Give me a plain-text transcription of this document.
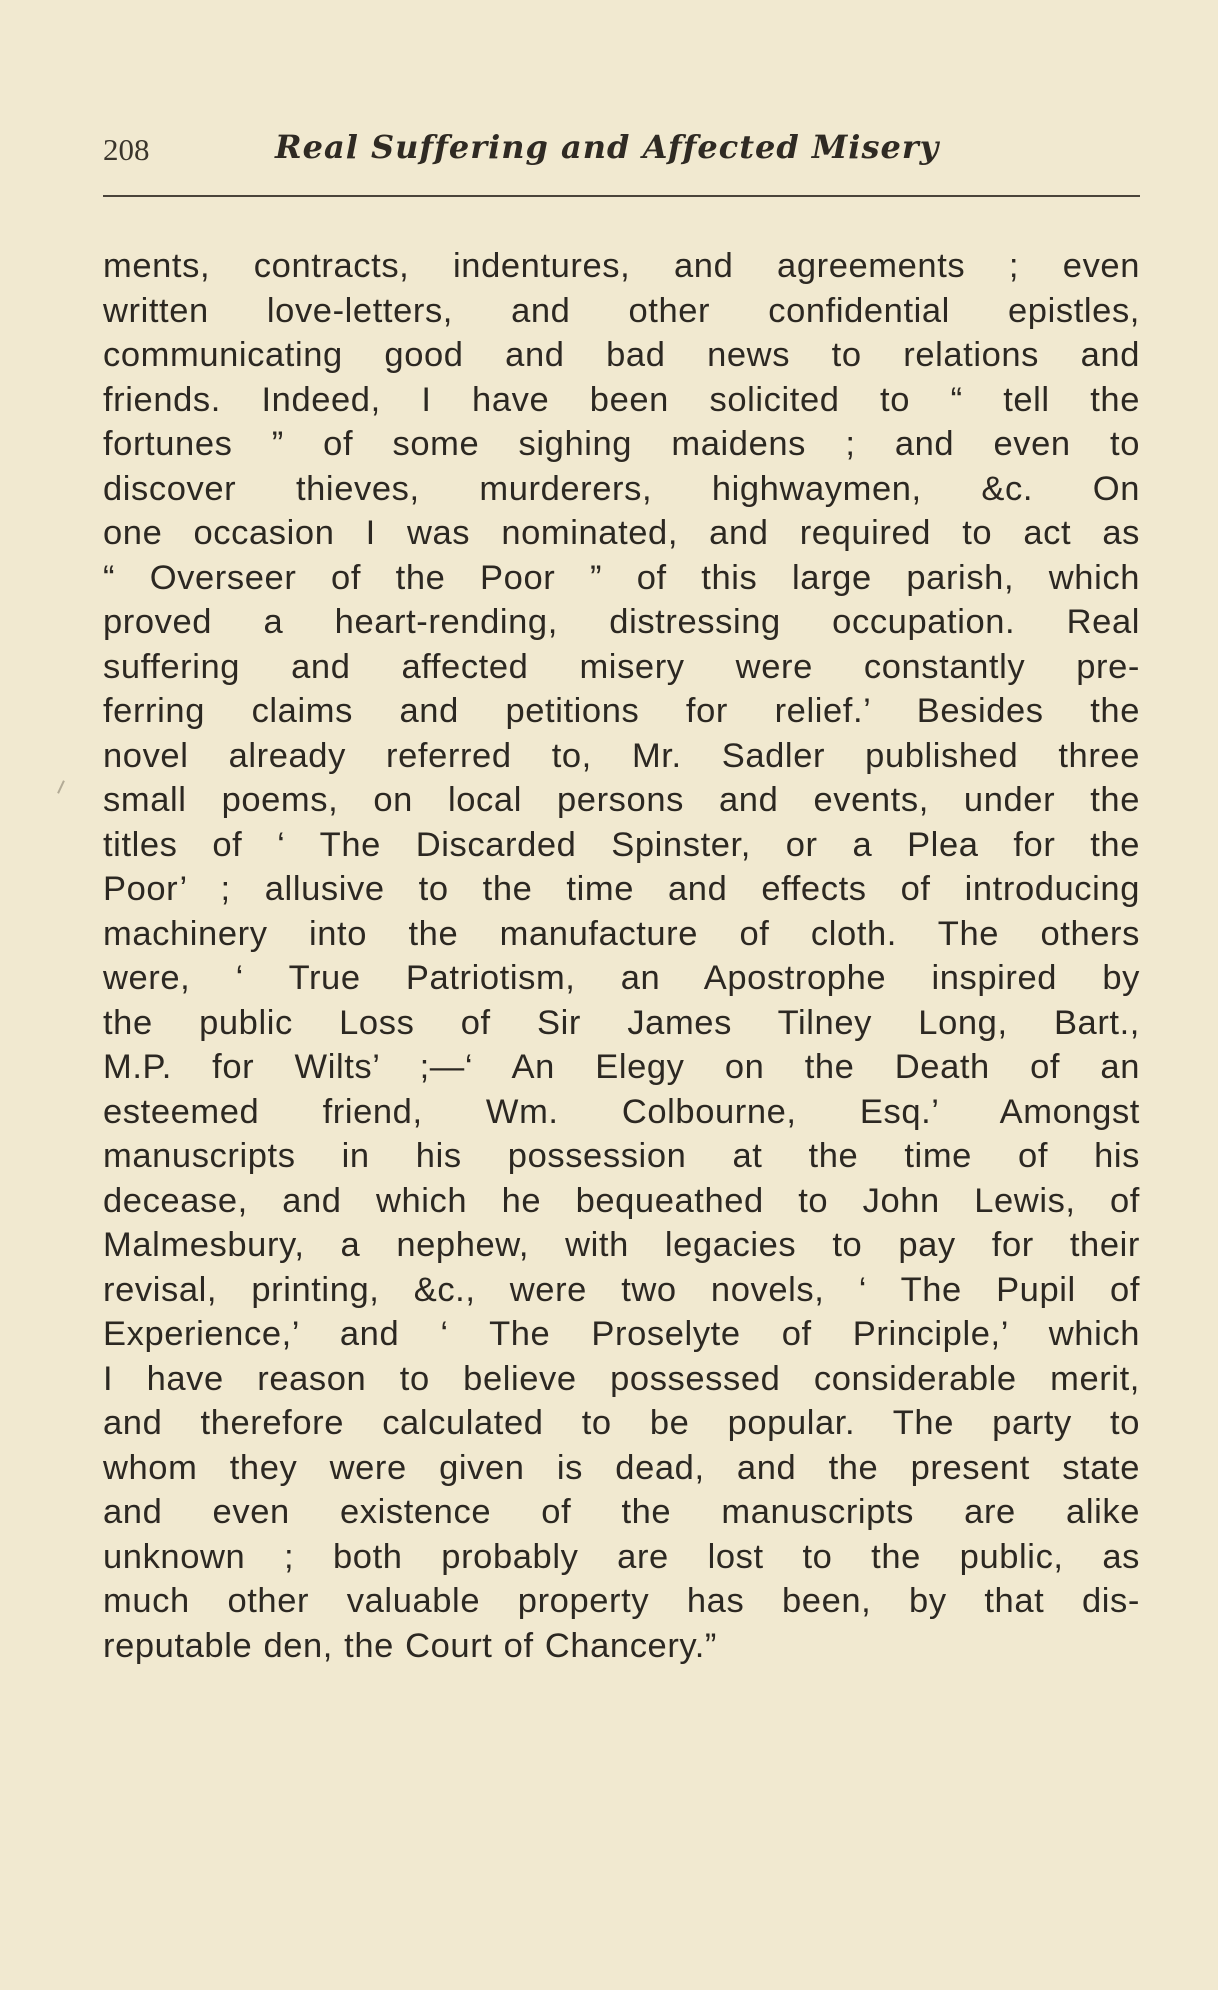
208	Real Suffering and Affected Misery
ments, contracts, indentures, and agreements ; even
written love-letters, and other confidential epistles,
communicating good and bad news to relations and
friends. Indeed, I have been solicited to “ tell the
fortunes ” of some sighing maidens ; and even to
discover thieves, murderers, highwaymen, &c. On
one occasion I was nominated, and required to act as
“ Overseer of the Poor ” of this large parish, which
proved a heart-rending, distressing occupation. Real
suffering and affected misery were constantly pre-
ferring claims and petitions for relief.’ Besides the
novel already referred to, Mr. Sadler published three
small poems, on local persons and events, under the
titles of ‘ The Discarded Spinster, or a Plea for the
Poor’ ; allusive to the time and effects of introducing
machinery into the manufacture of cloth. The others
were, ‘ True Patriotism, an Apostrophe inspired by
the public Loss of Sir James Tilney Long, Bart.,
M.P. for Wilts’ ;—‘ An Elegy on the Death of an
esteemed friend, Wm. Colbourne, Esq.’ Amongst
manuscripts in his possession at the time of his
decease, and which he bequeathed to John Lewis, of
Malmesbury, a nephew, with legacies to pay for their
revisal, printing, &c., were two novels, ‘ The Pupil of
Experience,’ and ‘ The Proselyte of Principle,’ which
I have reason to believe possessed considerable merit,
and therefore calculated to be popular. The party to
whom they were given is dead, and the present state
and even existence of the manuscripts are alike
unknown ; both probably are lost to the public, as
much other valuable property has been, by that dis-
reputable den, the Court of Chancery.”
